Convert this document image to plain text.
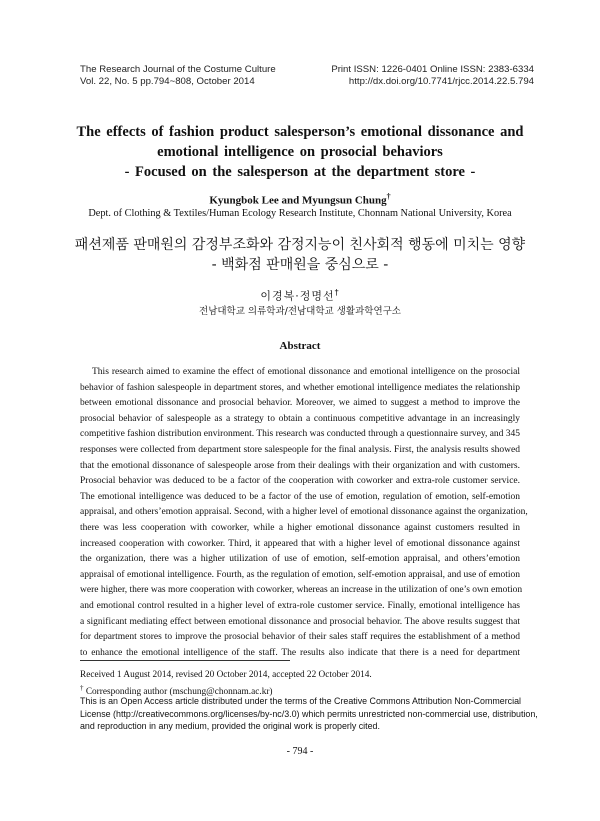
The Research Journal of the Costume Culture
Vol. 22, No. 5 pp.794~808, October 2014
Print ISSN: 1226-0401 Online ISSN: 2383-6334
http://dx.doi.org/10.7741/rjcc.2014.22.5.794
The effects of fashion product salesperson’s emotional dissonance and
emotional intelligence on prosocial behaviors
- Focused on the salesperson at the department store -
Kyungbok Lee and Myungsun Chung†
Dept. of Clothing & Textiles/Human Ecology Research Institute, Chonnam National University, Korea
패션제품 판매원의 감정부조화와 감정지능이 친사회적 행동에 미치는 영향
- 백화점 판매원을 중심으로 -
이경복·정명선†
전남대학교 의류학과/전남대학교 생활과학연구소
Abstract
This research aimed to examine the effect of emotional dissonance and emotional intelligence on the prosocial
behavior of fashion salespeople in department stores, and whether emotional intelligence mediates the relationship
between emotional dissonance and prosocial behavior. Moreover, we aimed to suggest a method to improve the
prosocial behavior of salespeople as a strategy to obtain a continuous competitive advantage in an increasingly
competitive fashion distribution environment. This research was conducted through a questionnaire survey, and 345
responses were collected from department store salespeople for the final analysis. First, the analysis results showed
that the emotional dissonance of salespeople arose from their dealings with their organization and with customers.
Prosocial behavior was deduced to be a factor of the cooperation with coworker and extra-role customer service.
The emotional intelligence was deduced to be a factor of the use of emotion, regulation of emotion, self-emotion
appraisal, and others’emotion appraisal. Second, with a higher level of emotional dissonance against the organization,
there was less cooperation with coworker, while a higher emotional dissonance against customers resulted in
increased cooperation with coworker. Third, it appeared that with a higher level of emotional dissonance against
the organization, there was a higher utilization of use of emotion, self-emotion appraisal, and others’emotion
appraisal of emotional intelligence. Fourth, as the regulation of emotion, self-emotion appraisal, and use of emotion
were higher, there was more cooperation with coworker, whereas an increase in the utilization of one’s own emotion
and emotional control resulted in a higher level of extra-role customer service. Finally, emotional intelligence has
a significant mediating effect between emotional dissonance and prosocial behavior. The above results suggest that
for department stores to improve the prosocial behavior of their sales staff requires the establishment of a method
to enhance the emotional intelligence of the staff. The results also indicate that there is a need for department
Received 1 August 2014, revised 20 October 2014, accepted 22 October 2014.
† Corresponding author (mschung@chonnam.ac.kr)
This is an Open Access article distributed under the terms of the Creative Commons Attribution Non-Commercial
License (http://creativecommons.org/licenses/by-nc/3.0) which permits unrestricted non-commercial use, distribution,
and reproduction in any medium, provided the original work is properly cited.
- 794 -
